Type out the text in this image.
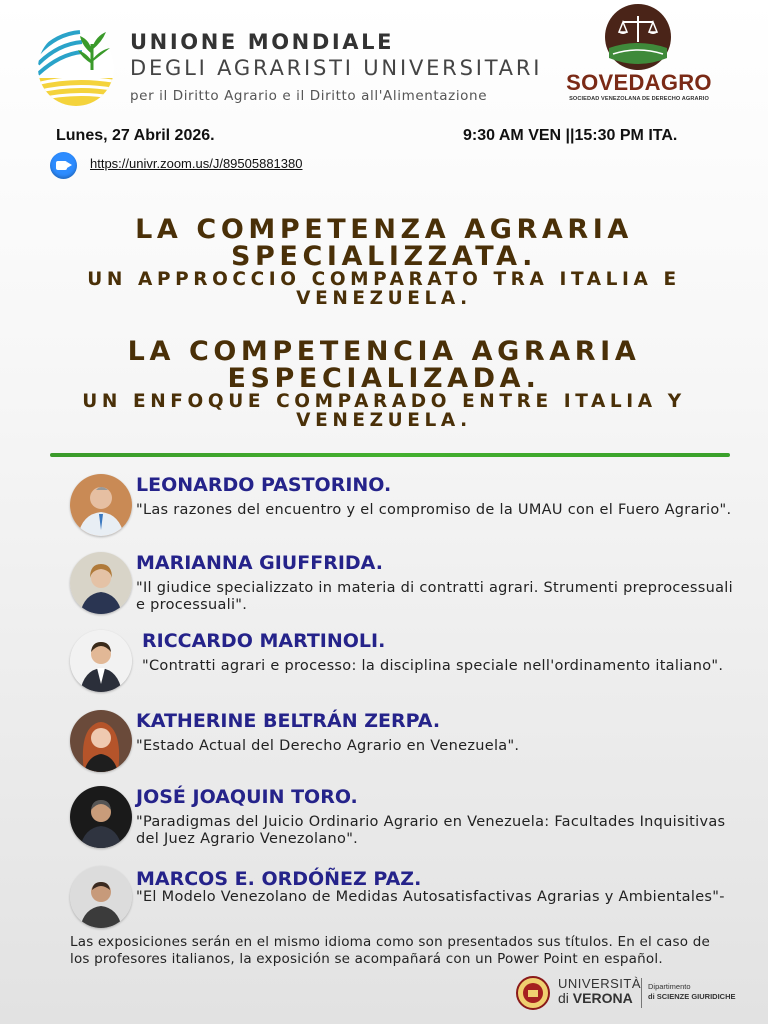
UNIONE MONDIALE
DEGLI AGRARISTI UNIVERSITARI
per il Diritto Agrario e il Diritto all'Alimentazione
SOVEDAGRO
SOCIEDAD VENEZOLANA DE DERECHO AGRARIO
Lunes, 27 Abril 2026.	9:30 AM VEN ||15:30 PM ITA.
https://univr.zoom.us/J/89505881380
LA COMPETENZA AGRARIA SPECIALIZZATA.
UN APPROCCIO COMPARATO TRA ITALIA E VENEZUELA.
LA COMPETENCIA AGRARIA ESPECIALIZADA.
UN ENFOQUE COMPARADO ENTRE ITALIA Y VENEZUELA.
LEONARDO PASTORINO.
"Las razones del encuentro y el compromiso de la UMAU con el Fuero Agrario".
MARIANNA GIUFFRIDA.
"Il giudice specializzato in materia di contratti agrari. Strumenti preprocessuali e processuali".
RICCARDO MARTINOLI.
"Contratti agrari e processo: la disciplina speciale nell'ordinamento italiano".
KATHERINE BELTRÁN ZERPA.
"Estado Actual del Derecho Agrario en Venezuela".
JOSÉ JOAQUIN TORO.
"Paradigmas del Juicio Ordinario Agrario en Venezuela: Facultades Inquisitivas del Juez Agrario Venezolano".
MARCOS E. ORDÓÑEZ PAZ.
"El Modelo Venezolano de Medidas Autosatisfactivas Agrarias y Ambientales"-
Las exposiciones serán en el mismo idioma como son presentados sus títulos. En el caso de los profesores italianos, la exposición se acompañará con un Power Point en español.
UNIVERSITÀ
di VERONA
Dipartimento
di SCIENZE GIURIDICHE
